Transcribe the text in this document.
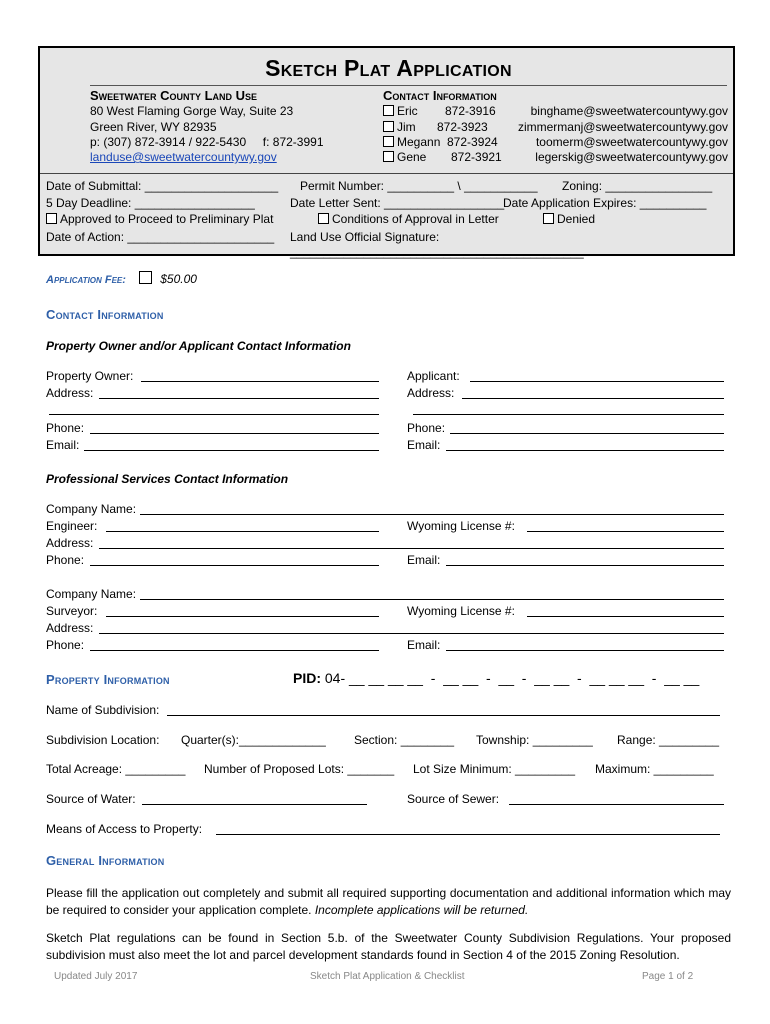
Sketch Plat Application
Sweetwater County Land Use
80 West Flaming Gorge Way, Suite 23
Green River, WY 82935
p: (307) 872-3914 / 922-5430     f: 872-3991
landuse@sweetwatercountywy.gov
Contact Information
Eric 872-3916	binghame@sweetwatercountywy.gov
Jim 872-3923	zimmermanj@sweetwatercountywy.gov
Megann 872-3924	toomerm@sweetwatercountywy.gov
Gene 872-3921	legerskig@sweetwatercountywy.gov
Date of Submittal: ____________________ Permit Number: __________ \ ___________ Zoning: ________________
5 Day Deadline: __________________	Date Letter Sent: __________________
Date Application Expires: __________
Approved to Proceed to Preliminary Plat	Conditions of Approval in Letter	Denied
Date of Action: ______________________ Land Use Official Signature: ____________________________________________
Application Fee:	$50.00
Contact Information
Property Owner and/or Applicant Contact Information
Property Owner:	Applicant:
Address:	Address:
Phone:	Phone:
Email:	Email:
Professional Services Contact Information
Company Name:
Engineer:	Wyoming License #:
Address:
Phone:	Email:
Company Name:
Surveyor:	Wyoming License #:
Address:
Phone:	Email:
Property Information	PID: 04- __ __ __ __  -  __ __  -  __  -  __ __  -  __ __ __  -  __ __
Name of Subdivision:
Subdivision Location: Quarter(s):_____________ Section: ________ Township: _________ Range: _________
Total Acreage: _________ Number of Proposed Lots: _______ Lot Size Minimum: _________ Maximum: _________
Source of Water:	Source of Sewer:
Means of Access to Property:
General Information
Please fill the application out completely and submit all required supporting documentation and additional information which may be required to consider your application complete. Incomplete applications will be returned.
Sketch Plat regulations can be found in Section 5.b. of the Sweetwater County Subdivision Regulations. Your proposed subdivision must also meet the lot and parcel development standards found in Section 4 of the 2015 Zoning Resolution.
Updated July 2017	Sketch Plat Application & Checklist	Page 1 of 2
